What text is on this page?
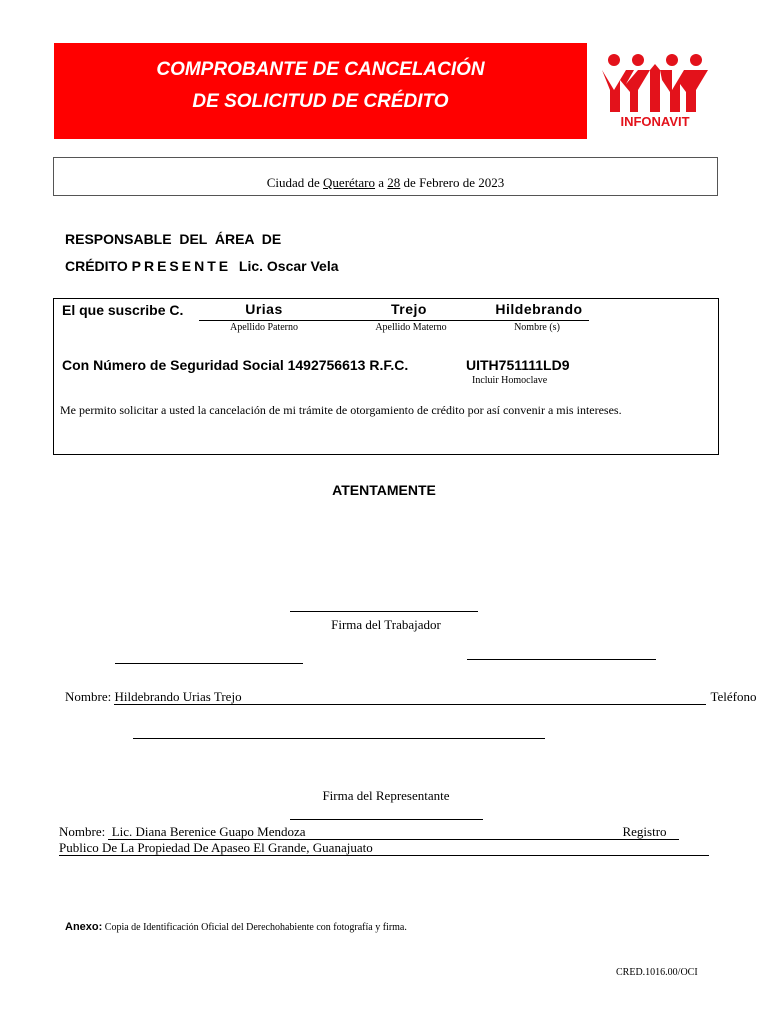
COMPROBANTE DE CANCELACIÓN
DE SOLICITUD DE CRÉDITO
INFONAVIT
Ciudad de Querétaro a 28 de Febrero de 2023
RESPONSABLE  DEL  ÁREA  DE
CRÉDITO PRESENTE  Lic. Oscar Vela
El que suscribe C.	Urias	Trejo	Hildebrando
Apellido Paterno	Apellido Materno	Nombre (s)
Con Número de Seguridad Social 1492756613 R.F.C.	UITH751111LD9
Incluir Homoclave
Me permito solicitar a usted la cancelación de mi trámite de otorgamiento de crédito por así convenir a mis intereses.
ATENTAMENTE
Firma del Trabajador
Nombre: Hildebrando Urias Trejo	Teléfono
Firma del Representante
Nombre:  Lic. Diana Berenice Guapo Mendoza	Registro
Publico De La Propiedad De Apaseo El Grande, Guanajuato
Anexo: Copia de Identificación Oficial del Derechohabiente con fotografía y firma.
CRED.1016.00/OCI
